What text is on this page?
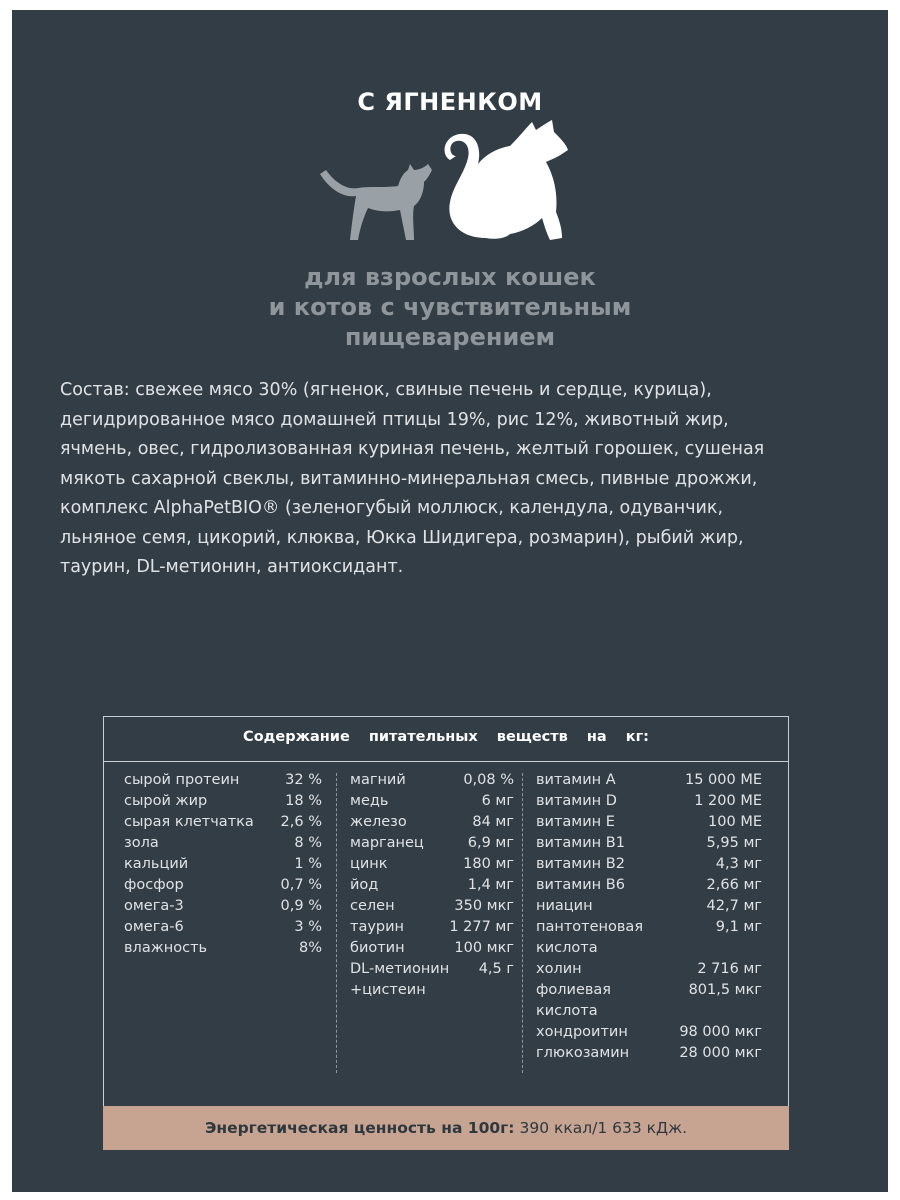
С ЯГНЕНКОМ
для взрослых кошек
и котов с чувствительным
пищеварением
Состав: свежее мясо 30% (ягненок, свиные печень и сердце, курица),
дегидрированное мясо домашней птицы 19%, рис 12%, животный жир,
ячмень, овес, гидролизованная куриная печень, желтый горошек, сушеная
мякоть сахарной свеклы, витаминно-минеральная смесь, пивные дрожжи,
комплекс AlphaPetBIO® (зеленогубый моллюск, календула, одуванчик,
льняное семя, цикорий, клюква, Юкка Шидигера, розмарин), рыбий жир,
таурин, DL-метионин, антиоксидант.
Содержание питательных веществ на кг:
сырой протеин	32 %
сырой жир	18 %
сырая клетчатка 2,6 %
зола	8 %
кальций	1 %
фосфор	0,7 %
омега-3	0,9 %
омега-6	3 %
влажность	8%
магний	0,08 %
медь	6 мг
железо	84 мг
марганец	6,9 мг
цинк	180 мг
йод	1,4 мг
селен	350 мкг
таурин	1 277 мг
биотин	100 мкг
DL-метионин 4,5 г
+цистеин
витамин А	15 000 МЕ
витамин D	1 200 МЕ
витамин Е	100 МЕ
витамин В1	5,95 мг
витамин В2	4,3 мг
витамин В6	2,66 мг
ниацин	42,7 мг
пантотеновая	9,1 мг
кислота
холин	2 716 мг
фолиевая	801,5 мкг
кислота
хондроитин	98 000 мкг
глюкозамин	28 000 мкг
Энергетическая ценность на 100г: 390 ккал/1 633 кДж.
